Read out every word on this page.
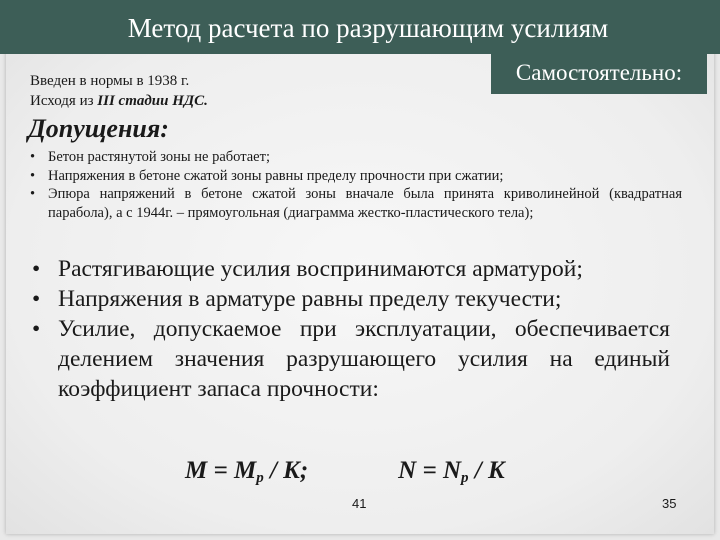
Метод расчета по разрушающим усилиям
Самостоятельно:
Введен в нормы в 1938 г.
Исходя из III стадии НДС.
Допущения:
• Бетон растянутой зоны не работает;
• Напряжения в бетоне сжатой зоны равны пределу прочности при сжатии;
• Эпюра напряжений в бетоне сжатой зоны вначале была принята криволинейной (квадратная парабола), а с 1944г. – прямоугольная (диаграмма жестко-пластического тела);
• Растягивающие усилия воспринимаются арматурой;
• Напряжения в арматуре равны пределу текучести;
• Усилие, допускаемое при эксплуатации, обеспечивается делением значения разрушающего усилия на единый коэффициент запаса прочности:
$M = M_p / K$;	$N = N_p / K$
41	35
